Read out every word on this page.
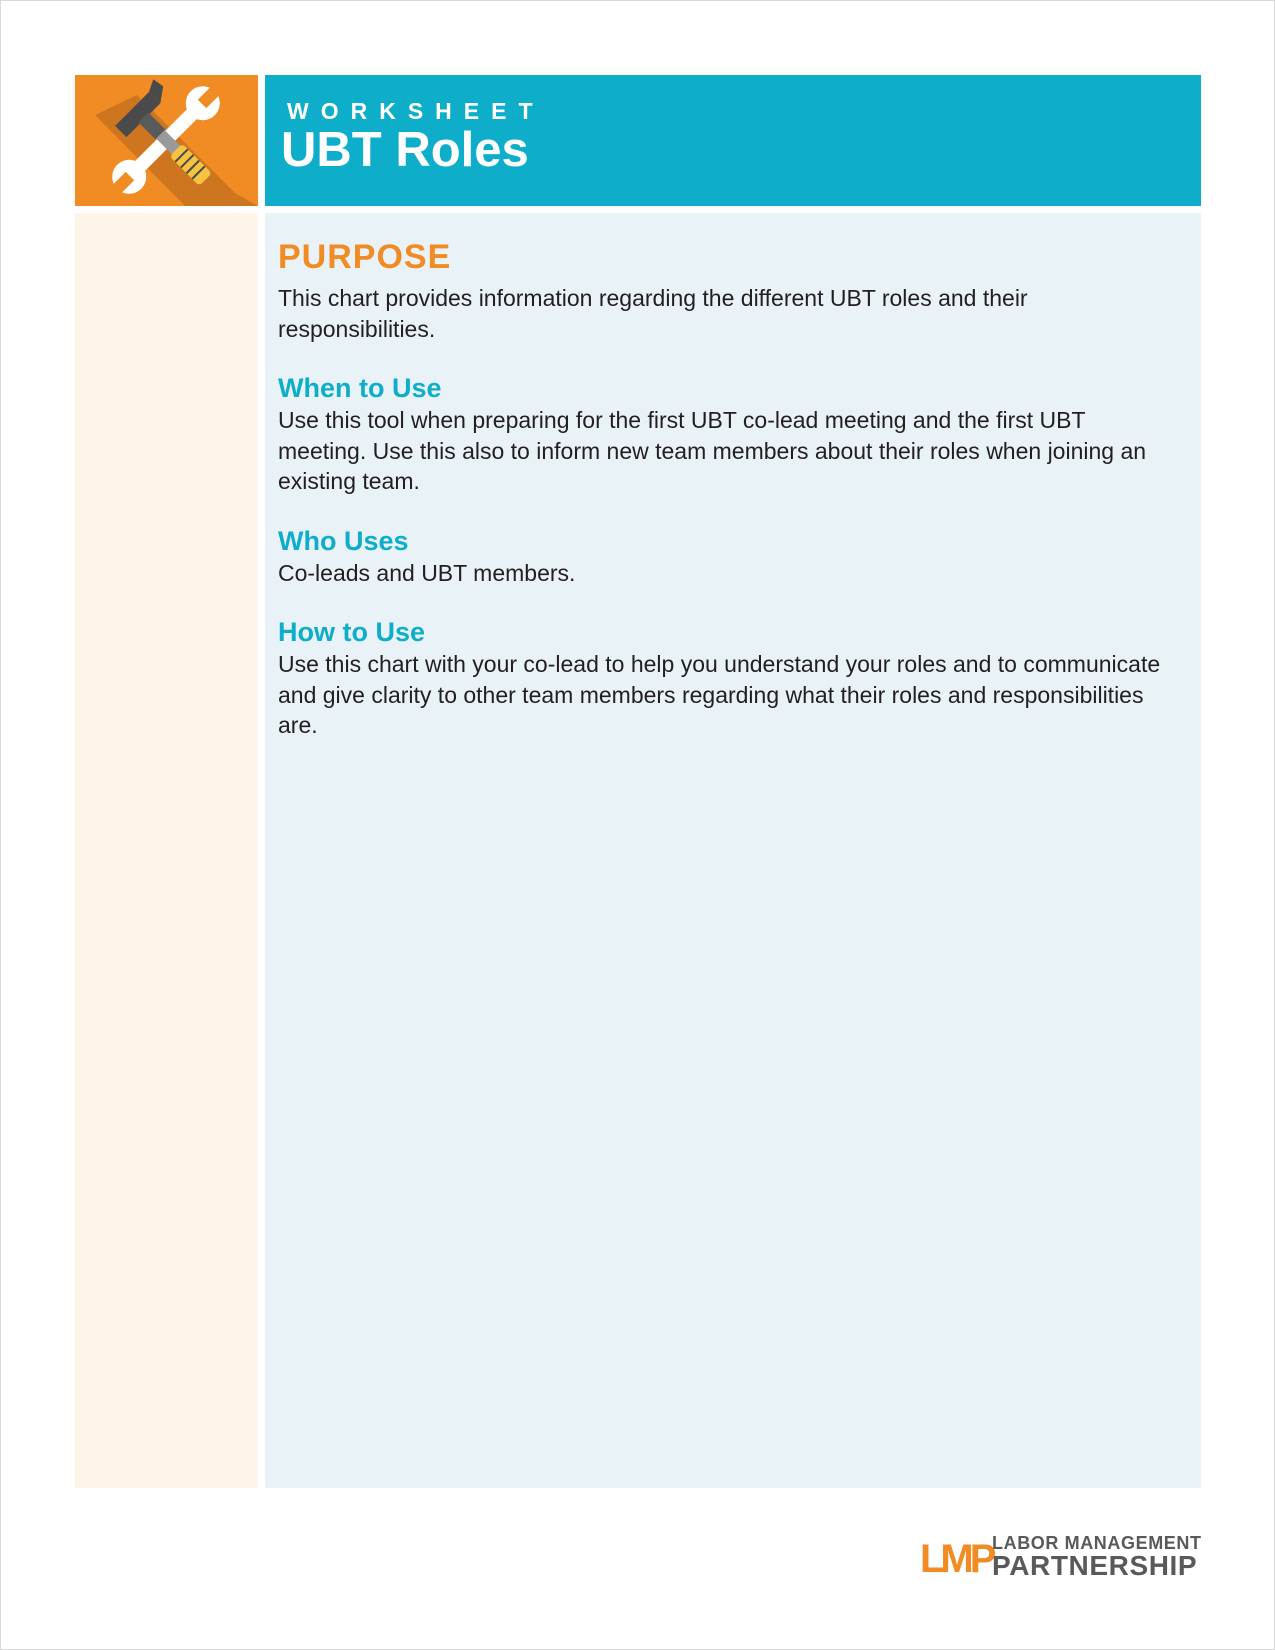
WORKSHEET
UBT Roles
PURPOSE

This chart provides information regarding the different UBT roles and their responsibilities.

When to Use

Use this tool when preparing for the first UBT co-lead meeting and the first UBT meeting. Use this also to inform new team members about their roles when joining an existing team.

Who Uses

Co-leads and UBT members.

How to Use

Use this chart with your co-lead to help you understand your roles and to communicate and give clarity to other team members regarding what their roles and responsibilities are.

LMP LABOR MANAGEMENT
PARTNERSHIP
